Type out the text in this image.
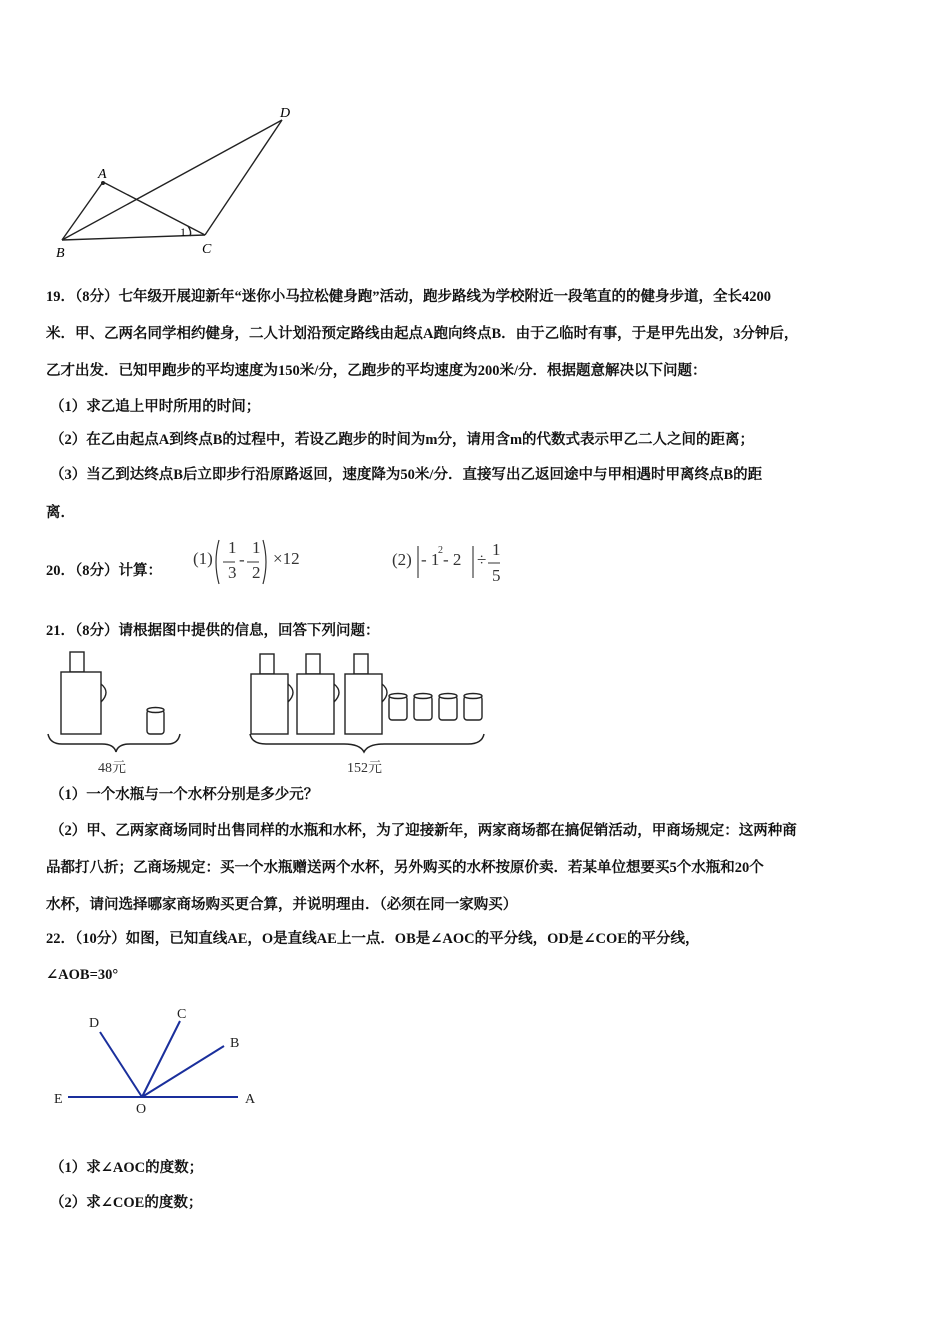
A
B	C
D
1
19．（8分）七年级开展迎新年“迷你小马拉松健身跑”活动，跑步路线为学校附近一段笔直的的健身步道，全长4200
米．甲、乙两名同学相约健身，二人计划沿预定路线由起点A跑向终点B．由于乙临时有事，于是甲先出发，3分钟后，
乙才出发．已知甲跑步的平均速度为150米/分，乙跑步的平均速度为200米/分．根据题意解决以下问题：
（1）求乙追上甲时所用的时间；
（2）在乙由起点A到终点B的过程中，若设乙跑步的时间为m分，请用含m的代数式表示甲乙二人之间的距离；
（3）当乙到达终点B后立即步行沿原路返回，速度降为50米/分．直接写出乙返回途中与甲相遇时甲离终点B的距
离．
20．（8分）计算：
(1)
1
3
-
1
2
×12	(2) - 1
2 - 2 ÷
1
5
21．（8分）请根据图中提供的信息，回答下列问题：
48元	152元
（1）一个水瓶与一个水杯分别是多少元？
（2）甲、乙两家商场同时出售同样的水瓶和水杯，为了迎接新年，两家商场都在搞促销活动，甲商场规定：这两种商
品都打八折；乙商场规定：买一个水瓶赠送两个水杯，另外购买的水杯按原价卖．若某单位想要买5个水瓶和20个
水杯，请问选择哪家商场购买更合算，并说明理由．（必须在同一家购买）
22．（10分）如图，已知直线AE，O是直线AE上一点．OB是∠AOC的平分线，OD是∠COE的平分线，
∠AOB=30°
D
C
B
E
O
A
（1）求∠AOC的度数；
（2）求∠COE的度数；
